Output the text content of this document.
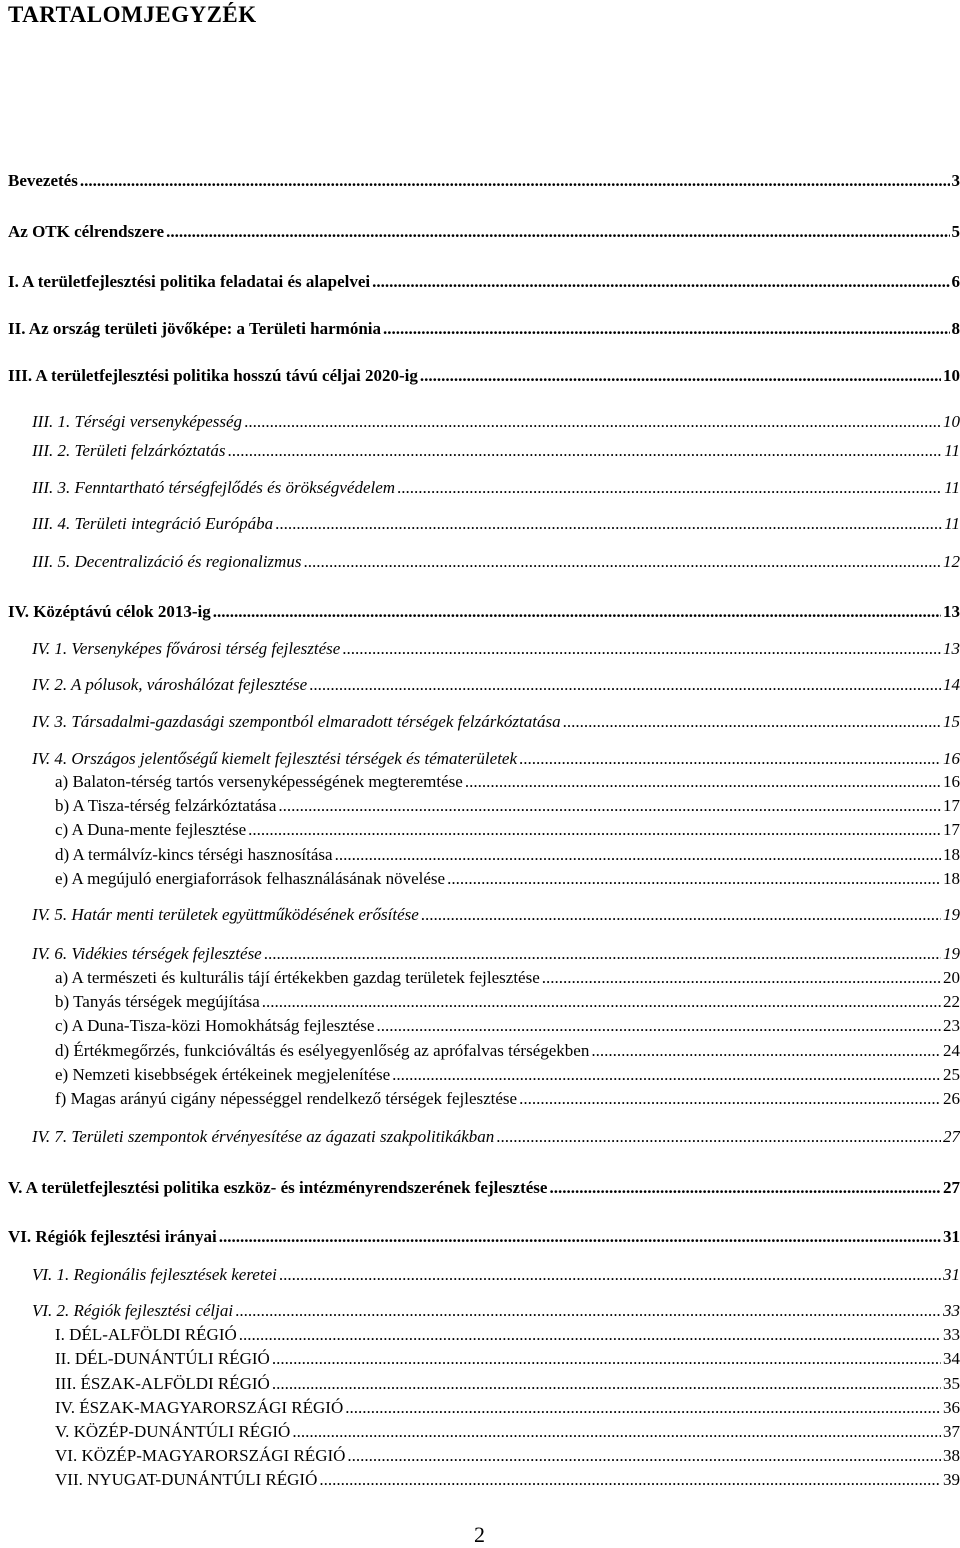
TARTALOMJEGYZÉK
Bevezetés .....	3
Az OTK célrendszere .....	5
I. A területfejlesztési politika feladatai és alapelvei .....	6
II. Az ország területi jövőképe: a Területi harmónia .....	8
III. A területfejlesztési politika hosszú távú céljai 2020-ig .....	10
III. 1. Térségi versenyképesség .....	10
III. 2. Területi felzárkóztatás .....	11
III. 3. Fenntartható térségfejlődés és örökségvédelem .....	11
III. 4. Területi integráció Európába .....	11
III. 5. Decentralizáció és regionalizmus .....	12
IV. Középtávú célok 2013-ig .....	13
IV. 1. Versenyképes fővárosi térség fejlesztése .....	13
IV. 2. A pólusok, városhálózat fejlesztése .....	14
IV. 3. Társadalmi-gazdasági szempontból elmaradott térségek felzárkóztatása .....	15
IV. 4. Országos jelentőségű kiemelt fejlesztési térségek és tématerületek .....	16
a) Balaton-térség tartós versenyképességének megteremtése .....	16
b) A Tisza-térség felzárkóztatása .....	17
c) A Duna-mente fejlesztése .....	17
d) A termálvíz-kincs térségi hasznosítása .....	18
e) A megújuló energiaforrások felhasználásának növelése .....	18
IV. 5. Határ menti területek együttműködésének erősítése .....	19
IV. 6. Vidékies térségek fejlesztése .....	19
a) A természeti és kulturális tájí értékekben gazdag területek fejlesztése .....	20
b) Tanyás térségek megújítása .....	22
c) A Duna-Tisza-közi Homokhátság fejlesztése .....	23
d) Értékmegőrzés, funkcióváltás és esélyegyenlőség az aprófalvas térségekben .....	24
e) Nemzeti kisebbségek értékeinek megjelenítése .....	25
f) Magas arányú cigány népességgel rendelkező térségek fejlesztése .....	26
IV. 7. Területi szempontok érvényesítése az ágazati szakpolitikákban .....	27
V. A területfejlesztési politika eszköz- és intézményrendszerének fejlesztése .....	27
VI. Régiók fejlesztési irányai .....	31
VI. 1. Regionális fejlesztések keretei .....	31
VI. 2. Régiók fejlesztési céljai .....	33
I. DÉL-ALFÖLDI RÉGIÓ .....	33
II. DÉL-DUNÁNTÚLI RÉGIÓ .....	34
III. ÉSZAK-ALFÖLDI RÉGIÓ .....	35
IV. ÉSZAK-MAGYARORSZÁGI RÉGIÓ .....	36
V. KÖZÉP-DUNÁNTÚLI RÉGIÓ .....	37
VI. KÖZÉP-MAGYARORSZÁGI RÉGIÓ .....	38
VII. NYUGAT-DUNÁNTÚLI RÉGIÓ .....	39
2
